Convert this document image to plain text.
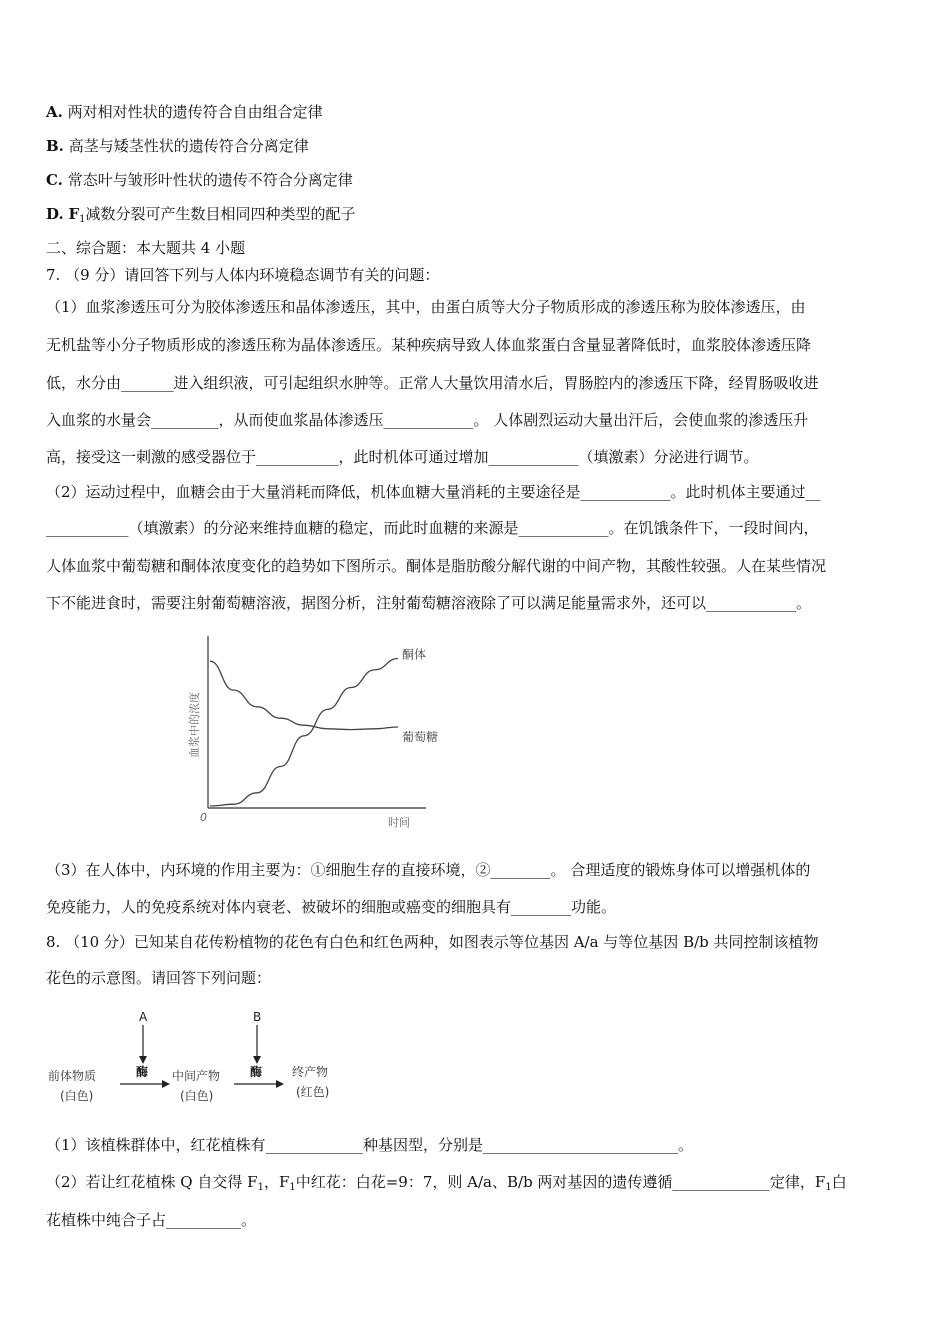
A. 两对相对性状的遗传符合自由组合定律
B. 高茎与矮茎性状的遗传符合分离定律
C. 常态叶与皱形叶性状的遗传不符合分离定律
D. $F_1$减数分裂可产生数目相同四种类型的配子
二、综合题：本大题共 4 小题
7. （9 分）请回答下列与人体内环境稳态调节有关的问题：
（1）血浆渗透压可分为胶体渗透压和晶体渗透压，其中，由蛋白质等大分子物质形成的渗透压称为胶体渗透压，由
无机盐等小分子物质形成的渗透压称为晶体渗透压。某种疾病导致人体血浆蛋白含量显著降低时，血浆胶体渗透压降
低，水分由_______进入组织液，可引起组织水肿等。正常人大量饮用清水后，胃肠腔内的渗透压下降，经胃肠吸收进
入血浆的水量会_________，从而使血浆晶体渗透压____________。 人体剧烈运动大量出汗后，会使血浆的渗透压升
高，接受这一刺激的感受器位于___________，此时机体可通过增加____________（填激素）分泌进行调节。
（2）运动过程中，血糖会由于大量消耗而降低，机体血糖大量消耗的主要途径是____________。此时机体主要通过__
___________（填激素）的分泌来维持血糖的稳定，而此时血糖的来源是____________。在饥饿条件下，一段时间内，
人体血浆中葡萄糖和酮体浓度变化的趋势如下图所示。酮体是脂肪酸分解代谢的中间产物，其酸性较强。人在某些情况
下不能进食时，需要注射葡萄糖溶液，据图分析，注射葡萄糖溶液除了可以满足能量需求外，还可以____________。
血浆中的浓度
时间
0
酮体
葡萄糖
（3）在人体中，内环境的作用主要为：①细胞生存的直接环境，②________。 合理适度的锻炼身体可以增强机体的
免疫能力，人的免疫系统对体内衰老、被破坏的细胞或癌变的细胞具有________功能。
8. （10 分）已知某自花传粉植物的花色有白色和红色两种，如图表示等位基因 A/a 与等位基因 B/b 共同控制该植物
花色的示意图。请回答下列问题：
A	B
前体物质
(白色)
酶 中间产物
(白色)
酶 终产物
(红色)
（1）该植株群体中，红花植株有_____________种基因型，分别是__________________________。
（2）若让红花植株 Q 自交得 $F_1$，$F_1$中红花：白花=9：7，则 A/a、B/b 两对基因的遗传遵循_____________定律，$F_1$白
花植株中纯合子占__________。
